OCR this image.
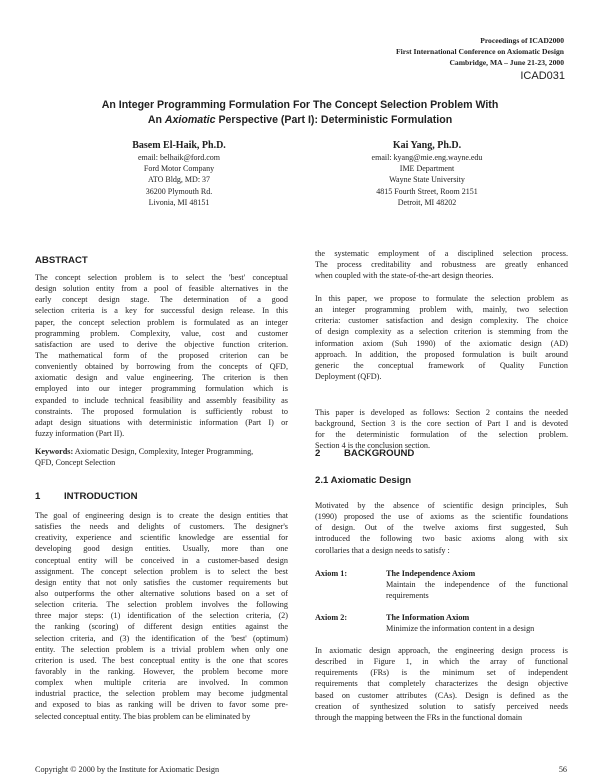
Proceedings of ICAD2000
First International Conference on Axiomatic Design
Cambridge, MA – June 21-23, 2000
ICAD031
An Integer Programming Formulation For The Concept Selection Problem With
An Axiomatic Perspective (Part I): Deterministic Formulation
Basem El-Haik, Ph.D.
email: belhaik@ford.com
Ford Motor Company
ATO Bldg, MD: 37
36200 Plymouth Rd.
Livonia, MI 48151
Kai Yang, Ph.D.
email: kyang@mie.eng.wayne.edu
IME Department
Wayne State University
4815 Fourth Street, Room 2151
Detroit, MI 48202
ABSTRACT
The concept selection problem is to select the 'best' conceptual
design solution entity from a pool of feasible alternatives in the
early concept design stage. The determination of a good
selection criteria is a key for successful design release. In this
paper, the concept selection problem is formulated as an integer
programming problem. Complexity, value, cost and customer
satisfaction are used to derive the objective function criterion.
The mathematical form of the proposed criterion can be
conveniently obtained by borrowing from the concepts of QFD,
axiomatic design and value engineering. The criterion is then
employed into our integer programming formulation which is
expanded to include technical feasibility and assembly feasibility as
constraints. The proposed formulation is sufficiently robust to
adapt design situations with deterministic information (Part I) or
fuzzy information (Part II).
Keywords: Axiomatic Design, Complexity, Integer Programming,
QFD, Concept Selection
1 INTRODUCTION
The goal of engineering design is to create the design entities that
satisfies the needs and delights of customers. The designer's
creativity, experience and scientific knowledge are essential for
developing good design entities. Usually, more than one
conceptual entity will be conceived in a customer-based design
assignment. The concept selection problem is to select the best
design entity that not only satisfies the customer requirements but
also outperforms the other alternative solutions based on a set of
selection criteria. The selection problem involves the following
three major steps: (1) identification of the selection criteria, (2)
the ranking (scoring) of different design entities against the
selection criteria, and (3) the identification of the 'best' (optimum)
entity. The selection problem is a trivial problem when only one
criterion is used. The best conceptual entity is the one that scores
favorably in the ranking. However, the problem become more
complex when multiple criteria are involved. In common
industrial practice, the selection problem may become judgmental
and exposed to bias as ranking will be driven to favor some pre-
selected conceptual entity. The bias problem can be eliminated by
the systematic employment of a disciplined selection process.
The process creditability and robustness are greatly enhanced
when coupled with the state-of-the-art design theories.
In this paper, we propose to formulate the selection problem as
an integer programming problem with, mainly, two selection
criteria: customer satisfaction and design complexity. The choice
of design complexity as a selection criterion is stemming from the
information axiom (Suh 1990) of the axiomatic design (AD)
approach. In addition, the proposed formulation is built around
generic the conceptual framework of Quality Function
Deployment (QFD).
This paper is developed as follows: Section 2 contains the needed
background, Section 3 is the core section of Part I and is devoted
for the deterministic formulation of the selection problem.
Section 4 is the conclusion section.
2 BACKGROUND
2.1 Axiomatic Design
Motivated by the absence of scientific design principles, Suh
(1990) proposed the use of axioms as the scientific foundations
of design. Out of the twelve axioms first suggested, Suh
introduced the following two basic axioms along with six
corollaries that a design needs to satisfy :
Axiom 1:	The Independence Axiom
Maintain the independence of the functional
requirements
Axiom 2:	The Information Axiom
Minimize the information content in a design
In axiomatic design approach, the engineering design process is
described in Figure 1, in which the array of functional
requirements (FRs) is the minimum set of independent
requirements that completely characterizes the design objective
based on customer attributes (CAs). Design is defined as the
creation of synthesized solution to satisfy perceived needs
through the mapping between the FRs in the functional domain
Copyright © 2000 by the Institute for Axiomatic Design	56
